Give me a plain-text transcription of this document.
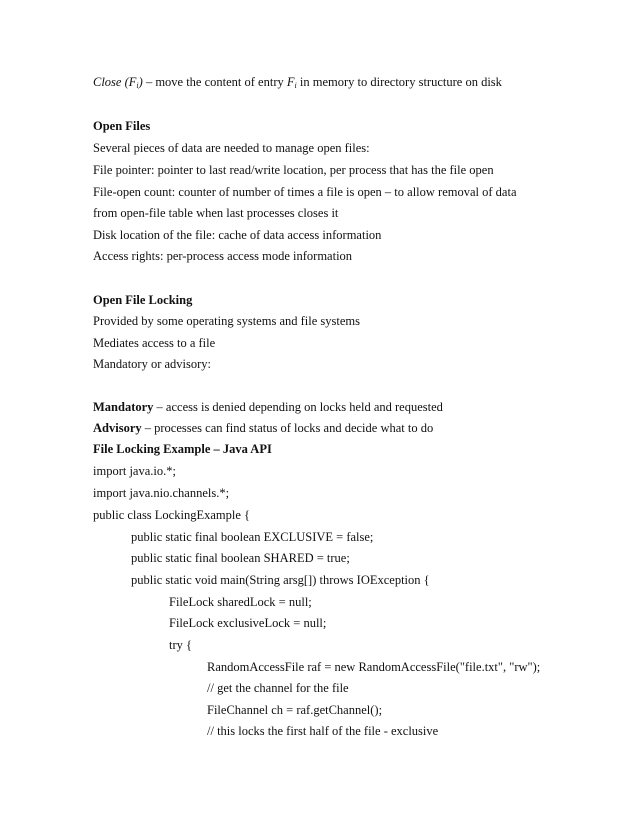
Close $(F_i)$ – move the content of entry $F_i$ in memory to directory structure on disk
Open Files
Several pieces of data are needed to manage open files:
File pointer: pointer to last read/write location, per process that has the file open
File-open count: counter of number of times a file is open – to allow removal of data
from open-file table when last processes closes it
Disk location of the file: cache of data access information
Access rights: per-process access mode information
Open File Locking
Provided by some operating systems and file systems
Mediates access to a file
Mandatory or advisory:
Mandatory – access is denied depending on locks held and requested
Advisory – processes can find status of locks and decide what to do
File Locking Example – Java API
import java.io.*;
import java.nio.channels.*;
public class LockingExample {
public static final boolean EXCLUSIVE = false;
public static final boolean SHARED = true;
public static void main(String arsg[]) throws IOException {
FileLock sharedLock = null;
FileLock exclusiveLock = null;
try {
RandomAccessFile raf = new RandomAccessFile("file.txt", "rw");
// get the channel for the file
FileChannel ch = raf.getChannel();
// this locks the first half of the file - exclusive
